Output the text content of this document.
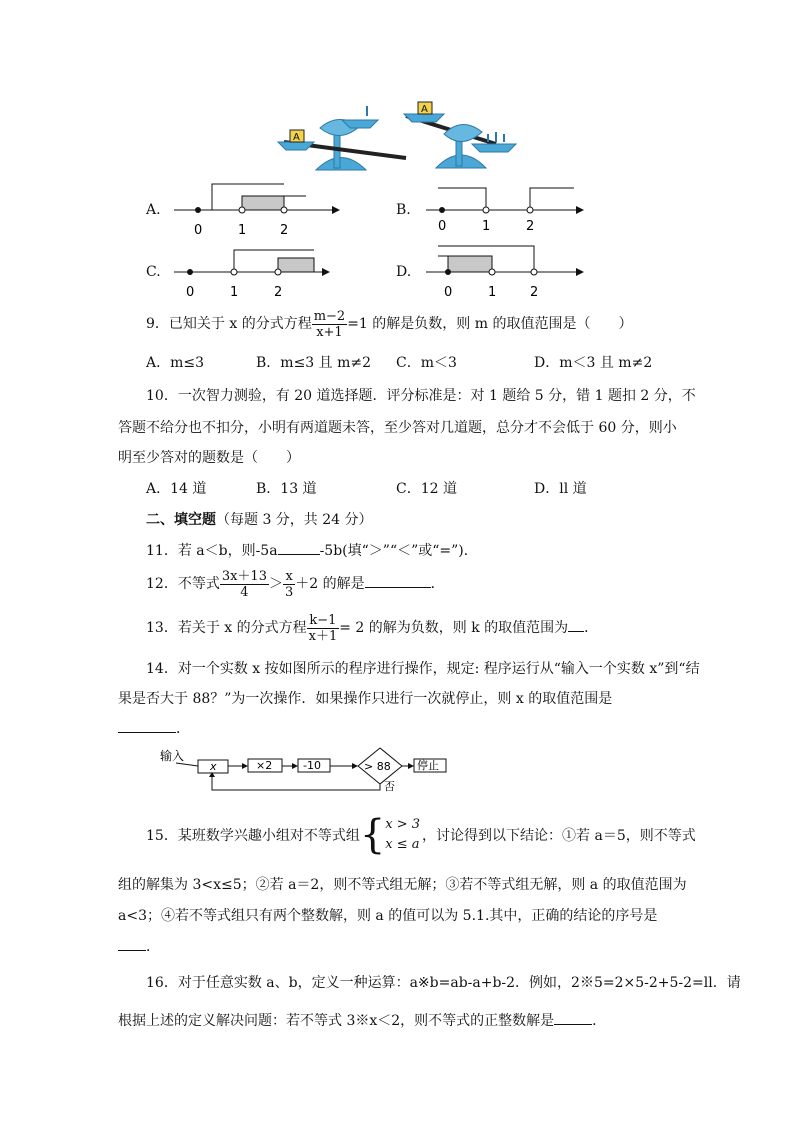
A
A
A.
0	1	2
B.
0	1	2
C.
0	1	2
D.
0	1	2
9．已知关于 x 的分式方程 $\frac{m-2}{x+1} =1$ 的解是负数，则 m 的取值范围是（　　）
A．m≤3	B．m≤3 且 m≠2 C．m＜3	D．m＜3 且 m≠2
10．一次智力测验，有 20 道选择题．评分标准是：对 1 题给 5 分，错 1 题扣 2 分，不
答题不给分也不扣分，小明有两道题未答，至少答对几道题，总分才不会低于 60 分，则小
明至少答对的题数是（　　）
A．14 道	B．13 道	C．12 道	D．ll 道
二、填空题（每题 3 分，共 24 分）
11．若 a＜b，则-5a	-5b(填“＞”“＜”或“=”)．
12．不等式 $\frac{3x+13}{4} > \frac{x}{3} +2$ 的解是	．
13．若关于 x 的分式方程 $\frac{k-1}{x+1} = 2$ 的解为负数，则 k 的取值范围为 ．
14．对一个实数 x 按如图所示的程序进行操作，规定: 程序运行从“输入一个实数 x”到“结
果是否大于 88？”为一次操作．如果操作只进行一次就停止，则 x 的取值范围是
．
输入
x	×2	-10	> 88 停止
否
15．某班数学兴趣小组对不等式组 { x > 3
x ≤ a
，讨论得到以下结论：①若 a＝5，则不等式
组的解集为 3<x≤5；②若 a＝2，则不等式组无解；③若不等式组无解，则 a 的取值范围为
a<3；④若不等式组只有两个整数解，则 a 的值可以为 5.1.其中，正确的结论的序号是
．
16．对于任意实数 a、b，定义一种运算：a※b=ab-a+b-2．例如，2※5=2×5-2+5-2=ll．请
根据上述的定义解决问题：若不等式 3※x＜2，则不等式的正整数解是	．
